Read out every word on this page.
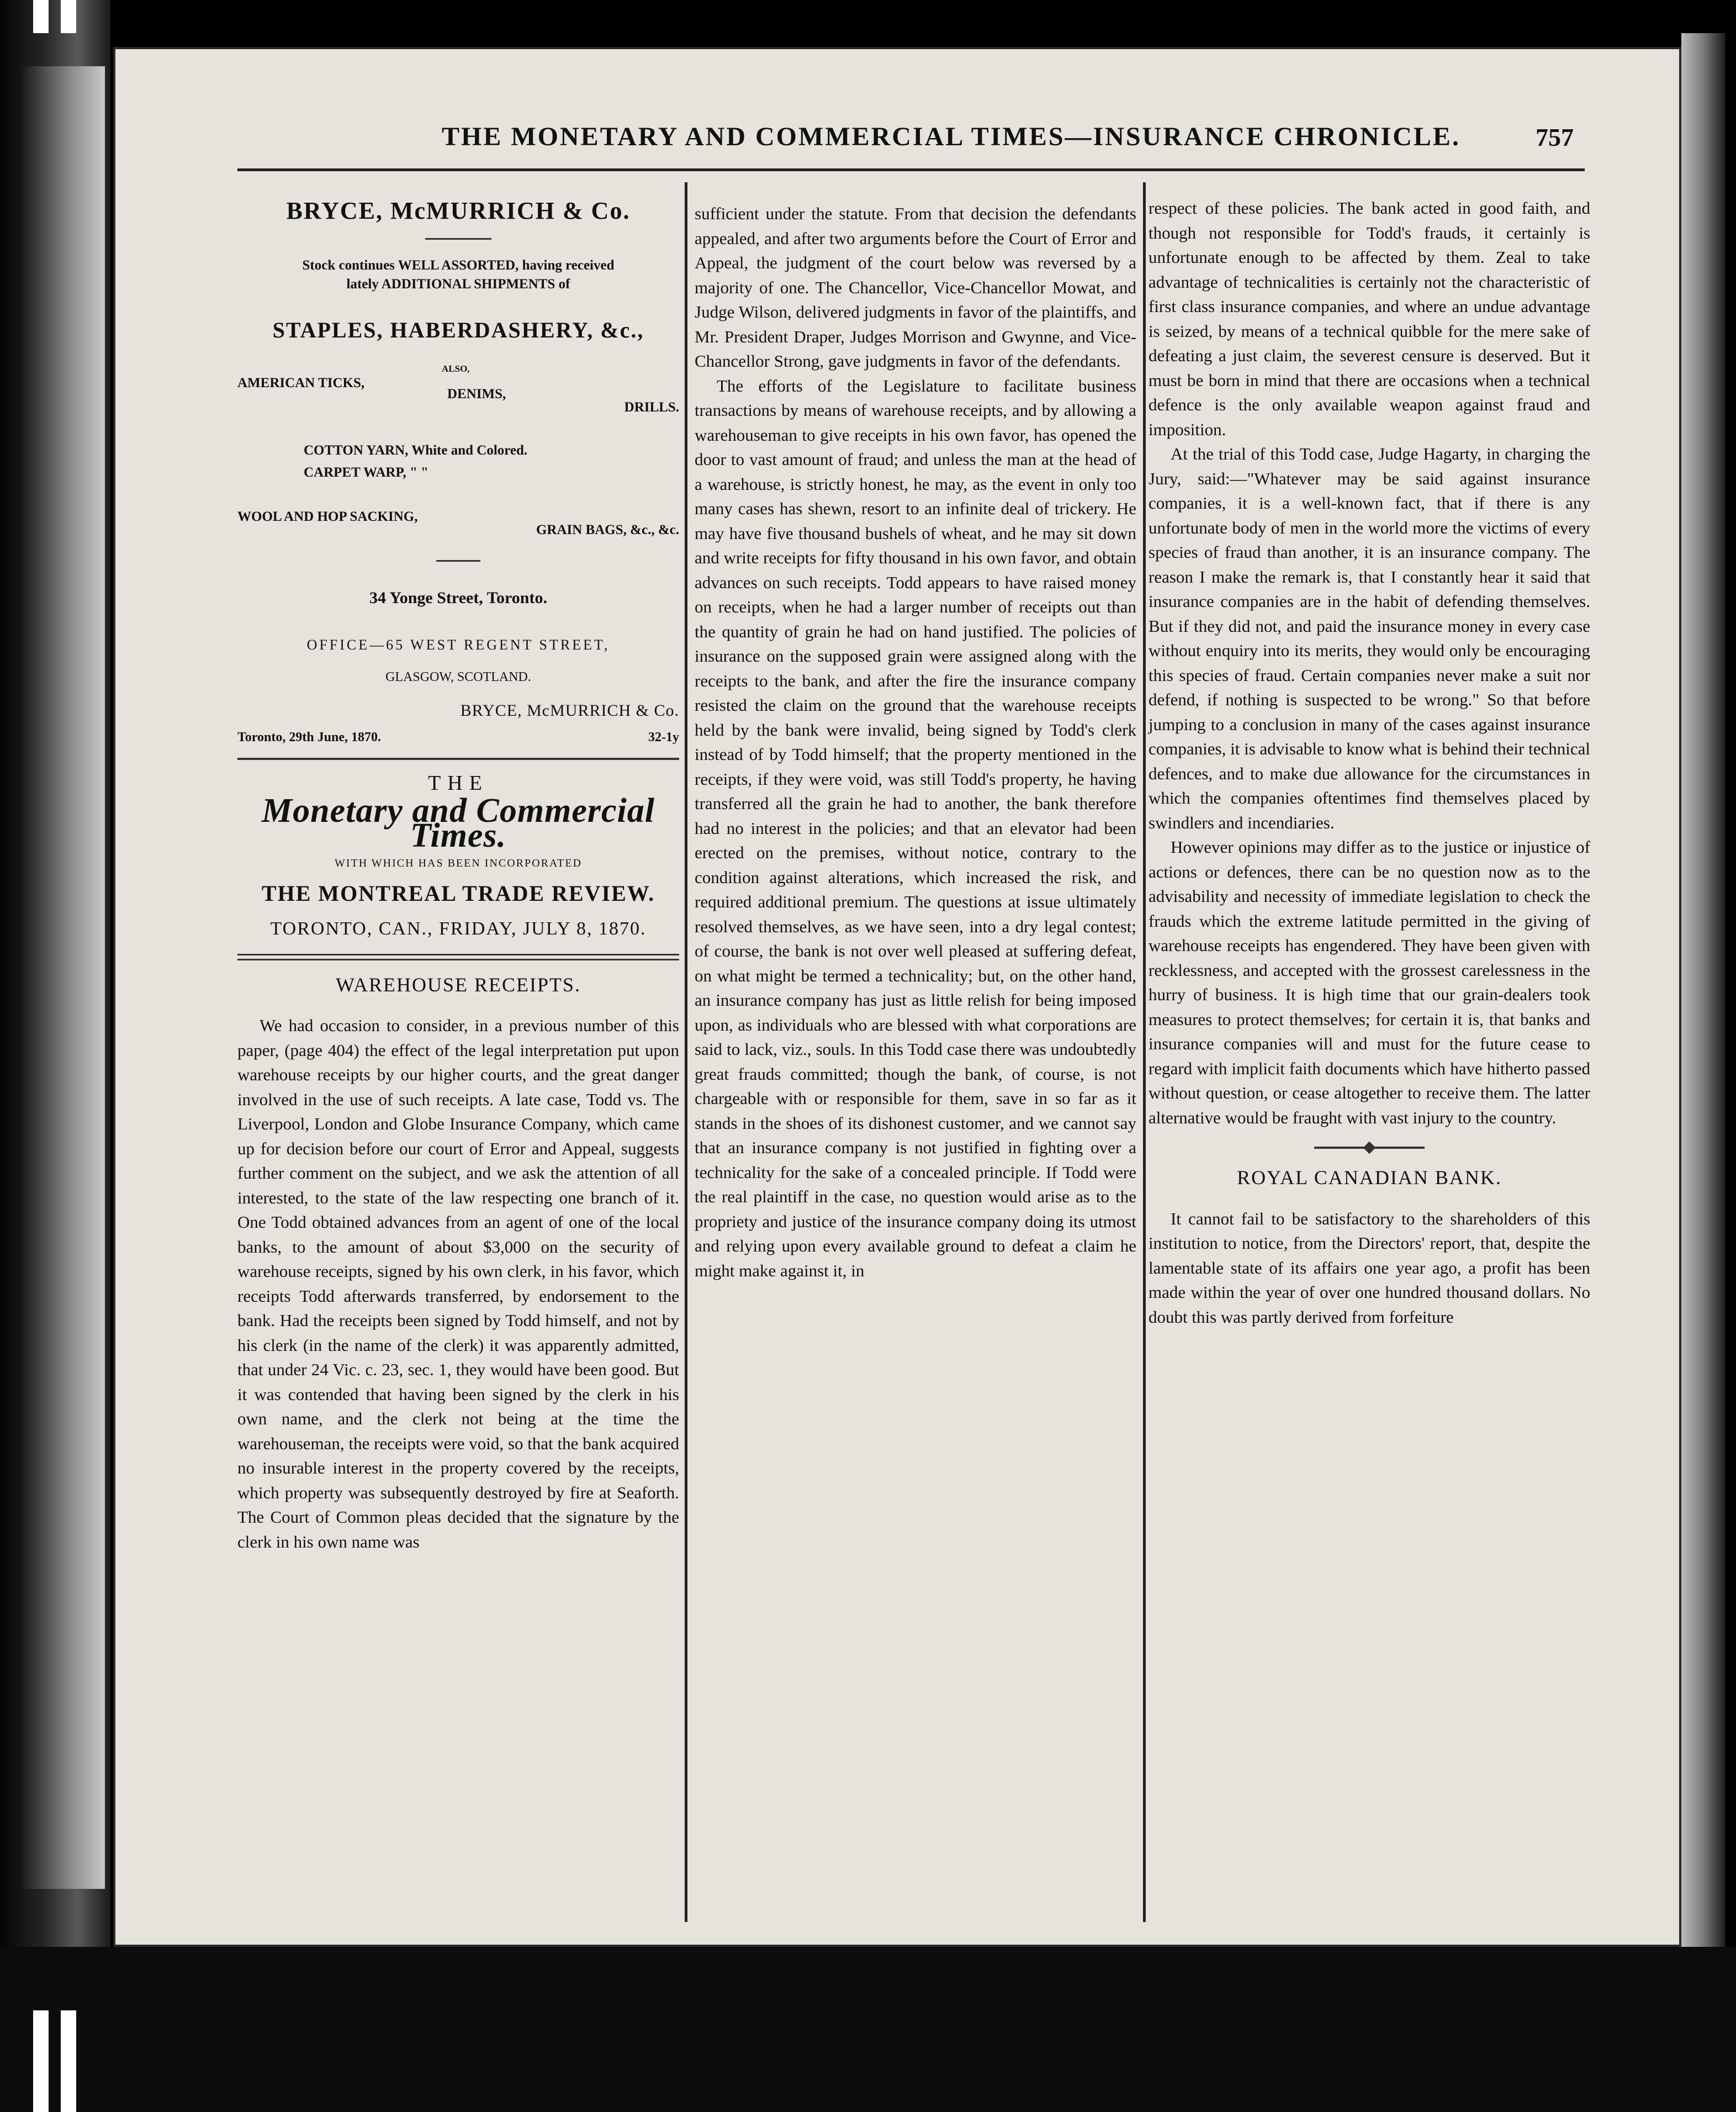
THE MONETARY AND COMMERCIAL TIMES—INSURANCE CHRONICLE.	757
BRYCE, McMURRICH & Co.
Stock continues WELL ASSORTED, having received
lately ADDITIONAL SHIPMENTS of
STAPLES, HABERDASHERY, &c.,
ALSO,
AMERICAN TICKS,
DENIMS,
DRILLS.
COTTON YARN, White and Colored.
CARPET WARP, " "
WOOL AND HOP SACKING,
GRAIN BAGS, &c., &c.
34 Yonge Street, Toronto.
OFFICE—65 WEST REGENT STREET,
GLASGOW, SCOTLAND.
BRYCE, McMURRICH & Co.
Toronto, 29th June, 1870.	32-1y
THE
Monetary and Commercial Times.
WITH WHICH HAS BEEN INCORPORATED
THE MONTREAL TRADE REVIEW.
TORONTO, CAN., FRIDAY, JULY 8, 1870.
WAREHOUSE RECEIPTS.

We had occasion to consider, in a previous number of this paper, (page 404) the effect of the legal interpretation put upon warehouse receipts by our higher courts, and the great danger involved in the use of such receipts. A late case, Todd vs. The Liverpool, London and Globe Insurance Company, which came up for decision before our court of Error and Appeal, suggests further comment on the subject, and we ask the attention of all interested, to the state of the law respecting one branch of it. One Todd obtained advances from an agent of one of the local banks, to the amount of about $3,000 on the security of warehouse receipts, signed by his own clerk, in his favor, which receipts Todd afterwards transferred, by endorsement to the bank. Had the receipts been signed by Todd himself, and not by his clerk (in the name of the clerk) it was apparently admitted, that under 24 Vic. c. 23, sec. 1, they would have been good. But it was contended that having been signed by the clerk in his own name, and the clerk not being at the time the warehouseman, the receipts were void, so that the bank acquired no insurable interest in the property covered by the receipts, which property was subsequently destroyed by fire at Seaforth. The Court of Common pleas decided that the signature by the clerk in his own name was

sufficient under the statute. From that decision the defendants appealed, and after two arguments before the Court of Error and Appeal, the judgment of the court below was reversed by a majority of one. The Chancellor, Vice-Chancellor Mowat, and Judge Wilson, delivered judgments in favor of the plaintiffs, and Mr. President Draper, Judges Morrison and Gwynne, and Vice-Chancellor Strong, gave judgments in favor of the defendants.

The efforts of the Legislature to facilitate business transactions by means of warehouse receipts, and by allowing a warehouseman to give receipts in his own favor, has opened the door to vast amount of fraud; and unless the man at the head of a warehouse, is strictly honest, he may, as the event in only too many cases has shewn, resort to an infinite deal of trickery. He may have five thousand bushels of wheat, and he may sit down and write receipts for fifty thousand in his own favor, and obtain advances on such receipts. Todd appears to have raised money on receipts, when he had a larger number of receipts out than the quantity of grain he had on hand justified. The policies of insurance on the supposed grain were assigned along with the receipts to the bank, and after the fire the insurance company resisted the claim on the ground that the warehouse receipts held by the bank were invalid, being signed by Todd's clerk instead of by Todd himself; that the property mentioned in the receipts, if they were void, was still Todd's property, he having transferred all the grain he had to another, the bank therefore had no interest in the policies; and that an elevator had been erected on the premises, without notice, contrary to the condition against alterations, which increased the risk, and required additional premium. The questions at issue ultimately resolved themselves, as we have seen, into a dry legal contest; of course, the bank is not over well pleased at suffering defeat, on what might be termed a technicality; but, on the other hand, an insurance company has just as little relish for being imposed upon, as individuals who are blessed with what corporations are said to lack, viz., souls. In this Todd case there was undoubtedly great frauds committed; though the bank, of course, is not chargeable with or responsible for them, save in so far as it stands in the shoes of its dishonest customer, and we cannot say that an insurance company is not justified in fighting over a technicality for the sake of a concealed principle. If Todd were the real plaintiff in the case, no question would arise as to the propriety and justice of the insurance company doing its utmost and relying upon every available ground to defeat a claim he might make against it, in

respect of these policies. The bank acted in good faith, and though not responsible for Todd's frauds, it certainly is unfortunate enough to be affected by them. Zeal to take advantage of technicalities is certainly not the characteristic of first class insurance companies, and where an undue advantage is seized, by means of a technical quibble for the mere sake of defeating a just claim, the severest censure is deserved. But it must be born in mind that there are occasions when a technical defence is the only available weapon against fraud and imposition.

At the trial of this Todd case, Judge Hagarty, in charging the Jury, said:—"Whatever may be said against insurance companies, it is a well-known fact, that if there is any unfortunate body of men in the world more the victims of every species of fraud than another, it is an insurance company. The reason I make the remark is, that I constantly hear it said that insurance companies are in the habit of defending themselves. But if they did not, and paid the insurance money in every case without enquiry into its merits, they would only be encouraging this species of fraud. Certain companies never make a suit nor defend, if nothing is suspected to be wrong." So that before jumping to a conclusion in many of the cases against insurance companies, it is advisable to know what is behind their technical defences, and to make due allowance for the circumstances in which the companies oftentimes find themselves placed by swindlers and incendiaries.

However opinions may differ as to the justice or injustice of actions or defences, there can be no question now as to the advisability and necessity of immediate legislation to check the frauds which the extreme latitude permitted in the giving of warehouse receipts has engendered. They have been given with recklessness, and accepted with the grossest carelessness in the hurry of business. It is high time that our grain-dealers took measures to protect themselves; for certain it is, that banks and insurance companies will and must for the future cease to regard with implicit faith documents which have hitherto passed without question, or cease altogether to receive them. The latter alternative would be fraught with vast injury to the country.

ROYAL CANADIAN BANK.

It cannot fail to be satisfactory to the shareholders of this institution to notice, from the Directors' report, that, despite the lamentable state of its affairs one year ago, a profit has been made within the year of over one hundred thousand dollars. No doubt this was partly derived from forfeiture
